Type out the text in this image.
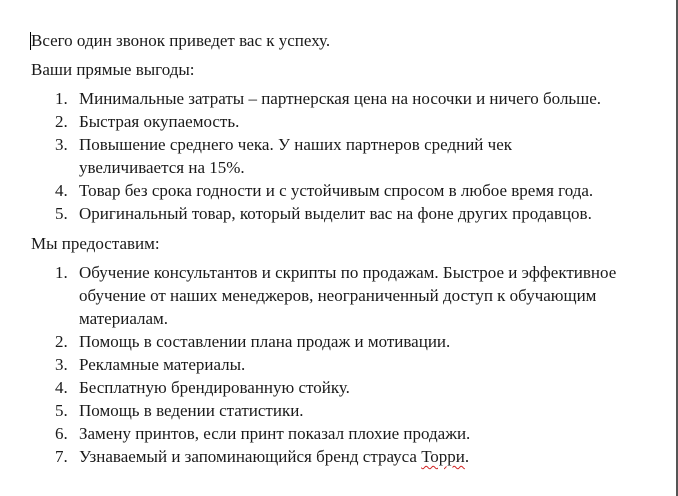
Всего один звонок приведет вас к успеху.

Ваши прямые выгоды:

1. Минимальные затраты – партнерская цена на носочки и ничего больше.
2. Быстрая окупаемость.
3. Повышение среднего чека. У наших партнеров средний чек увеличивается на 15%.
4. Товар без срока годности и с устойчивым спросом в любое время года.
5. Оригинальный товар, который выделит вас на фоне других продавцов.

Мы предоставим:

1. Обучение консультантов и скрипты по продажам. Быстрое и эффективное обучение от наших менеджеров, неограниченный доступ к обучающим материалам.
2. Помощь в составлении плана продаж и мотивации.
3. Рекламные материалы.
4. Бесплатную брендированную стойку.
5. Помощь в ведении статистики.
6. Замену принтов, если принт показал плохие продажи.
7. Узнаваемый и запоминающийся бренд страуса Торри.
